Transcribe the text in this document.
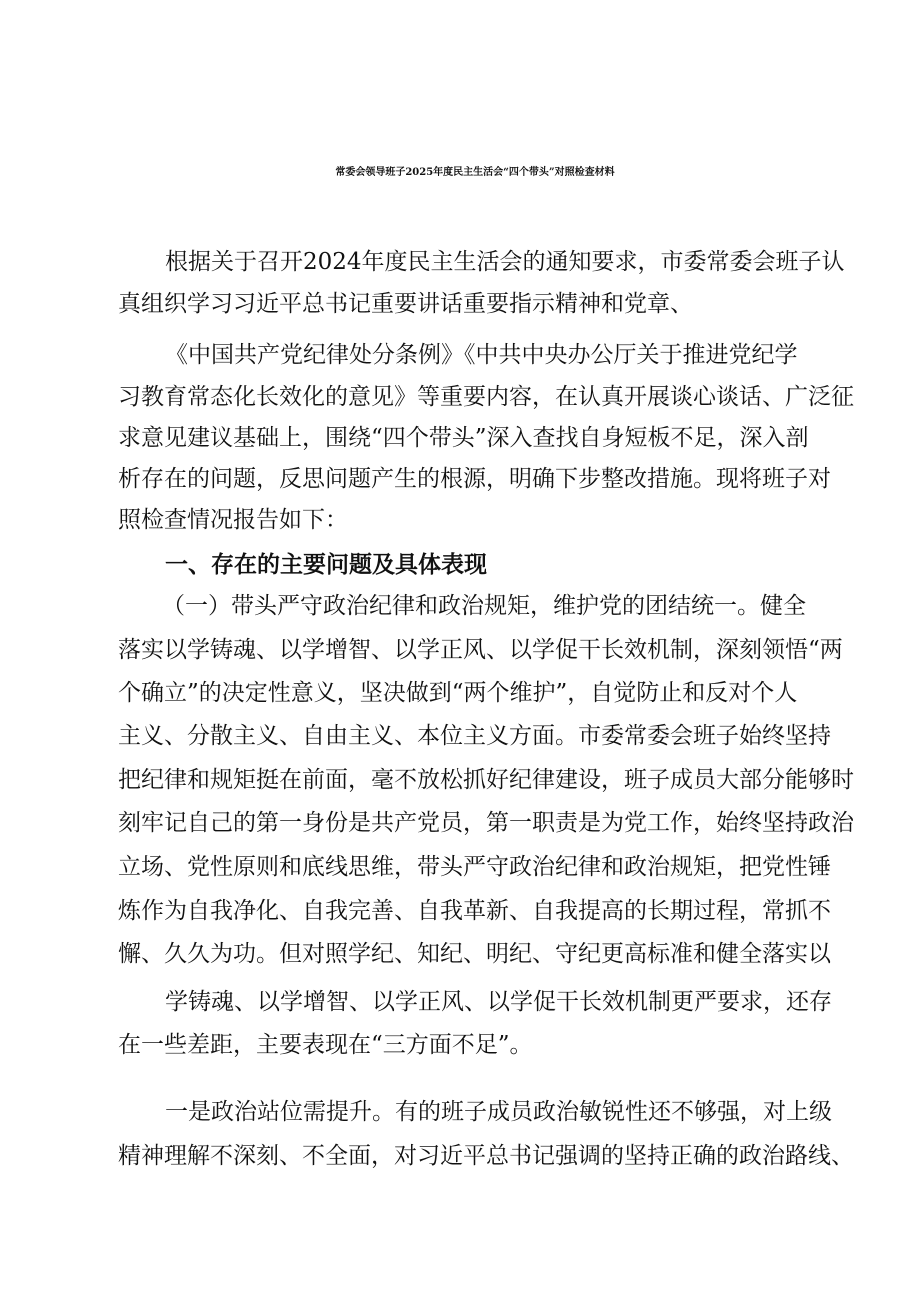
常委会领导班子2025年度民主生活会“四个带头”对照检查材料
根据关于召开2024年度民主生活会的通知要求，市委常委会班子认
真组织学习习近平总书记重要讲话重要指示精神和党章、
《中国共产党纪律处分条例》《中共中央办公厅关于推进党纪学
习教育常态化长效化的意见》等重要内容，在认真开展谈心谈话、广泛征
求意见建议基础上，围绕“四个带头”深入查找自身短板不足，深入剖
析存在的问题，反思问题产生的根源，明确下步整改措施。现将班子对
照检查情况报告如下：
一、存在的主要问题及具体表现
（一）带头严守政治纪律和政治规矩，维护党的团结统一。健全
落实以学铸魂、以学增智、以学正风、以学促干长效机制，深刻领悟“两
个确立”的决定性意义，坚决做到“两个维护”，自觉防止和反对个人
主义、分散主义、自由主义、本位主义方面。市委常委会班子始终坚持
把纪律和规矩挺在前面，毫不放松抓好纪律建设，班子成员大部分能够时
刻牢记自己的第一身份是共产党员，第一职责是为党工作，始终坚持政治
立场、党性原则和底线思维，带头严守政治纪律和政治规矩，把党性锤
炼作为自我净化、自我完善、自我革新、自我提高的长期过程，常抓不
懈、久久为功。但对照学纪、知纪、明纪、守纪更高标准和健全落实以
学铸魂、以学增智、以学正风、以学促干长效机制更严要求，还存
在一些差距，主要表现在“三方面不足”。
一是政治站位需提升。有的班子成员政治敏锐性还不够强，对上级
精神理解不深刻、不全面，对习近平总书记强调的坚持正确的政治路线、
